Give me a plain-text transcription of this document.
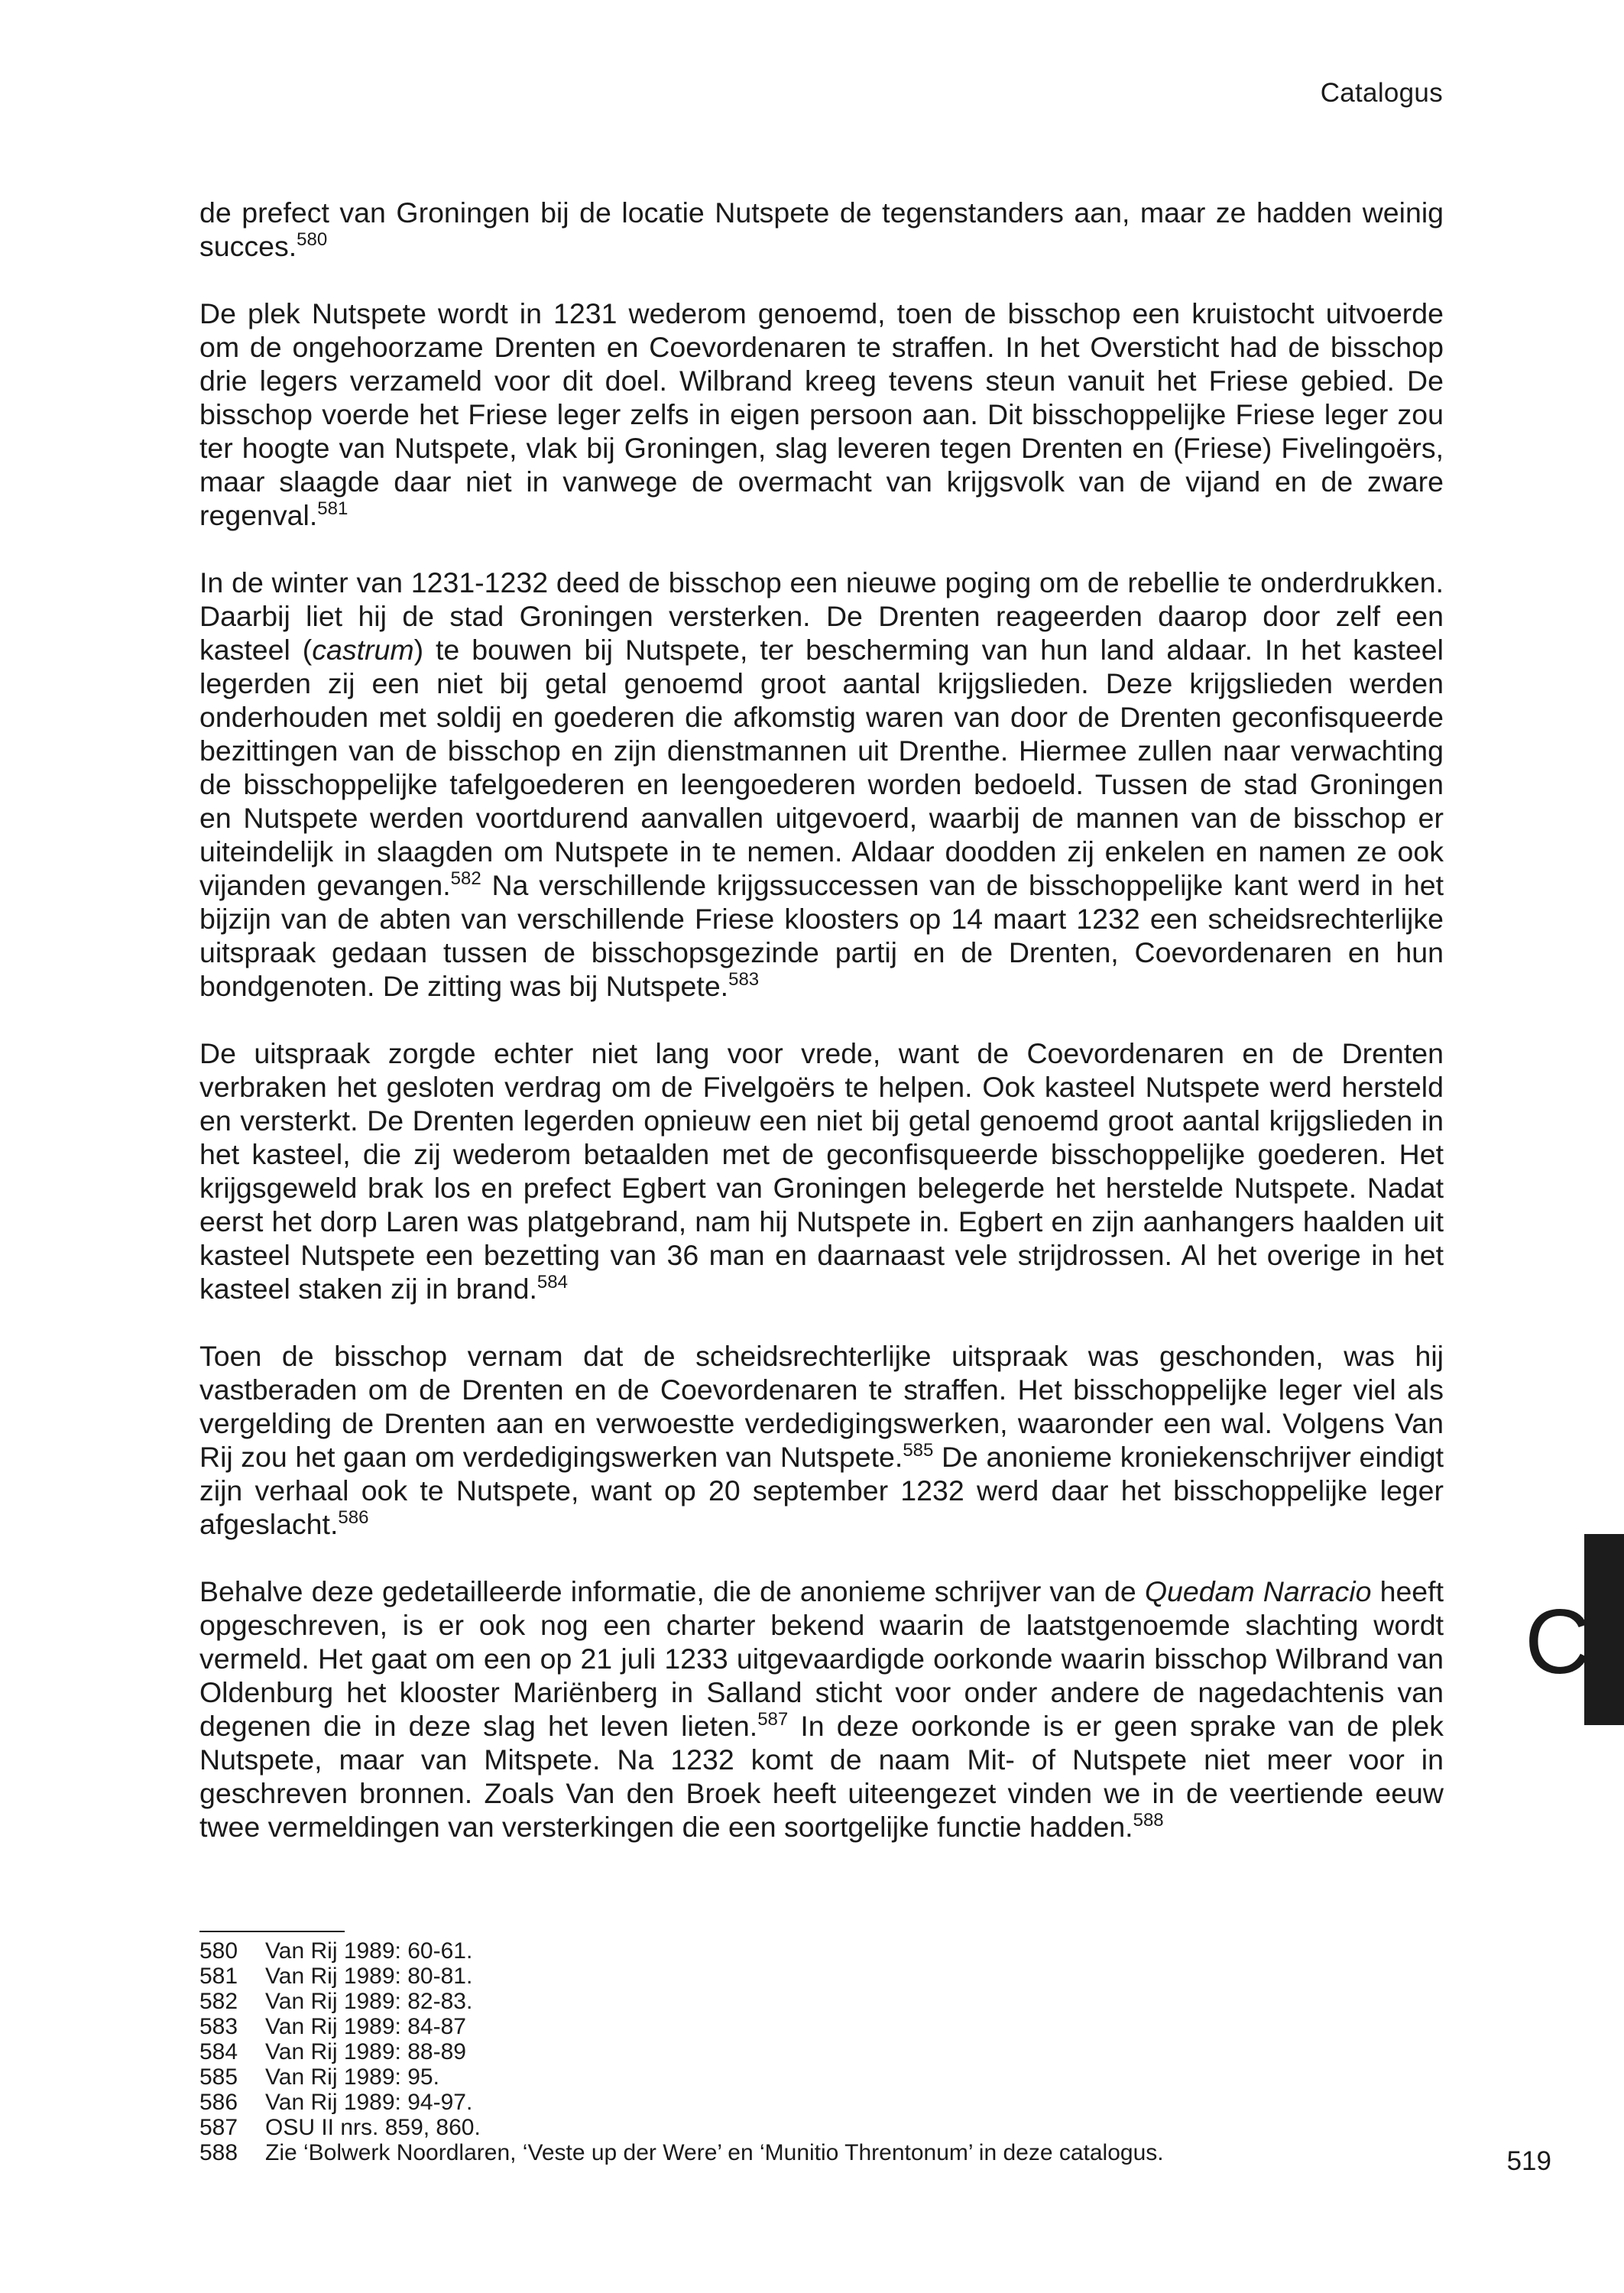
Catalogus

de prefect van Groningen bij de locatie Nutspete de tegenstanders aan, maar ze hadden weinig succes.$^{580}$

De plek Nutspete wordt in 1231 wederom genoemd, toen de bisschop een kruistocht uitvoerde om de ongehoorzame Drenten en Coevordenaren te straffen. In het Oversticht had de bisschop drie legers verzameld voor dit doel. Wilbrand kreeg tevens steun vanuit het Friese gebied. De bisschop voerde het Friese leger zelfs in eigen persoon aan. Dit bisschoppelijke Friese leger zou ter hoogte van Nutspete, vlak bij Groningen, slag leveren tegen Drenten en (Friese) Fivelingoërs, maar slaagde daar niet in vanwege de overmacht van krijgsvolk van de vijand en de zware regenval.$^{581}$

In de winter van 1231-1232 deed de bisschop een nieuwe poging om de rebellie te onderdrukken. Daarbij liet hij de stad Groningen versterken. De Drenten reageerden daarop door zelf een kasteel (castrum) te bouwen bij Nutspete, ter bescherming van hun land aldaar. In het kasteel legerden zij een niet bij getal genoemd groot aantal krijgslieden. Deze krijgslieden werden onderhouden met soldij en goederen die afkomstig waren van door de Drenten geconfisqueerde bezittingen van de bisschop en zijn dienstmannen uit Drenthe. Hiermee zullen naar verwachting de bisschoppelijke tafelgoederen en leengoederen worden bedoeld. Tussen de stad Groningen en Nutspete werden voortdurend aanvallen uitgevoerd, waarbij de mannen van de bisschop er uiteindelijk in slaagden om Nutspete in te nemen. Aldaar doodden zij enkelen en namen ze ook vijanden gevangen.$^{582}$ Na verschillende krijgssuccessen van de bisschoppelijke kant werd in het bijzijn van de abten van verschillende Friese kloosters op 14 maart 1232 een scheidsrechterlijke uitspraak gedaan tussen de bisschopsgezinde partij en de Drenten, Coevordenaren en hun bondgenoten. De zitting was bij Nutspete.$^{583}$

De uitspraak zorgde echter niet lang voor vrede, want de Coevordenaren en de Drenten verbraken het gesloten verdrag om de Fivelgoërs te helpen. Ook kasteel Nutspete werd hersteld en versterkt. De Drenten legerden opnieuw een niet bij getal genoemd groot aantal krijgslieden in het kasteel, die zij wederom betaalden met de geconfisqueerde bisschoppelijke goederen. Het krijgsgeweld brak los en prefect Egbert van Groningen belegerde het herstelde Nutspete. Nadat eerst het dorp Laren was platgebrand, nam hij Nutspete in. Egbert en zijn aanhangers haalden uit kasteel Nutspete een bezetting van 36 man en daarnaast vele strijdrossen. Al het overige in het kasteel staken zij in brand.$^{584}$

Toen de bisschop vernam dat de scheidsrechterlijke uitspraak was geschonden, was hij vastberaden om de Drenten en de Coevordenaren te straffen. Het bisschoppelijke leger viel als vergelding de Drenten aan en verwoestte verdedigingswerken, waaronder een wal. Volgens Van Rij zou het gaan om verdedigingswerken van Nutspete.$^{585}$ De anonieme kroniekenschrijver eindigt zijn verhaal ook te Nutspete, want op 20 september 1232 werd daar het bisschoppelijke leger afgeslacht.$^{586}$

Behalve deze gedetailleerde informatie, die de anonieme schrijver van de Quedam Narracio heeft opgeschreven, is er ook nog een charter bekend waarin de laatstgenoemde slachting wordt vermeld. Het gaat om een op 21 juli 1233 uitgevaardigde oorkonde waarin bisschop Wilbrand van Oldenburg het klooster Mariënberg in Salland sticht voor onder andere de nagedachtenis van degenen die in deze slag het leven lieten.$^{587}$ In deze oorkonde is er geen sprake van de plek Nutspete, maar van Mitspete. Na 1232 komt de naam Mit- of Nutspete niet meer voor in geschreven bronnen. Zoals Van den Broek heeft uiteengezet vinden we in de veertiende eeuw twee vermeldingen van versterkingen die een soortgelijke functie hadden.$^{588}$

580	Van Rij 1989: 60-61.
581	Van Rij 1989: 80-81.
582	Van Rij 1989: 82-83.
583	Van Rij 1989: 84-87
584	Van Rij 1989: 88-89
585	Van Rij 1989: 95.
586	Van Rij 1989: 94-97.
587	OSU II nrs. 859, 860.
588	Zie ‘Bolwerk Noordlaren, ‘Veste up der Were’ en ‘Munitio Threntonum’ in deze catalogus.
C
519
